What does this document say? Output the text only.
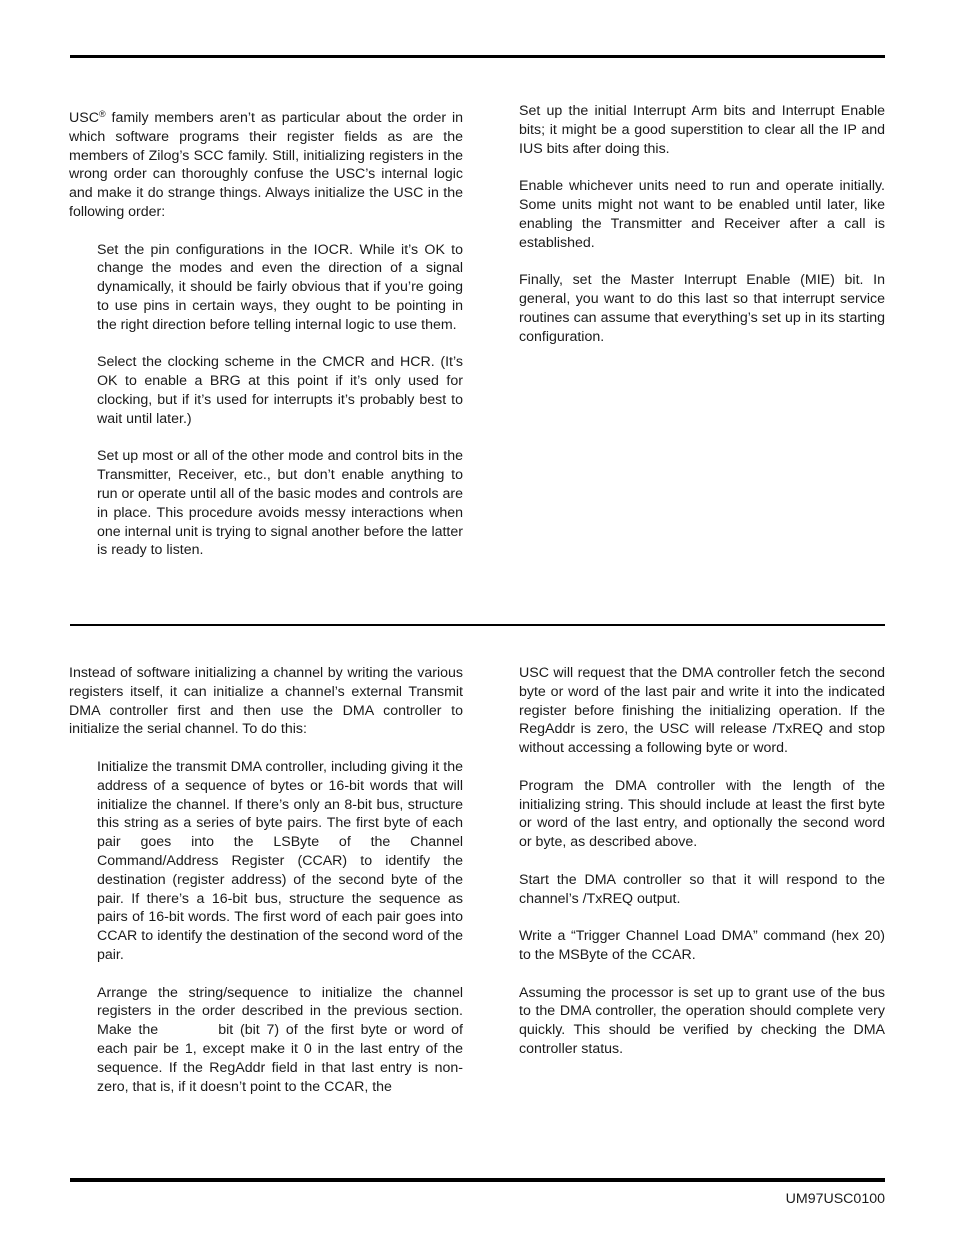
USC® family members aren’t as particular about the order in which software programs their register fields as are the members of Zilog’s SCC family. Still, initializing registers in the wrong order can thoroughly confuse the USC’s internal logic and make it do strange things. Always initialize the USC in the following order:

Set the pin configurations in the IOCR. While it’s OK to change the modes and even the direction of a signal dynamically, it should be fairly obvious that if you’re going to use pins in certain ways, they ought to be pointing in the right direction before telling internal logic to use them.

Select the clocking scheme in the CMCR and HCR. (It’s OK to enable a BRG at this point if it’s only used for clocking, but if it’s used for interrupts it’s probably best to wait until later.)

Set up most or all of the other mode and control bits in the Transmitter, Receiver, etc., but don’t enable anything to run or operate until all of the basic modes and controls are in place. This procedure avoids messy interactions when one internal unit is trying to signal another before the latter is ready to listen.

Set up the initial Interrupt Arm bits and Interrupt Enable bits; it might be a good superstition to clear all the IP and IUS bits after doing this.

Enable whichever units need to run and operate initially. Some units might not want to be enabled until later, like enabling the Transmitter and Receiver after a call is established.

Finally, set the Master Interrupt Enable (MIE) bit. In general, you want to do this last so that interrupt service routines can assume that everything’s set up in its starting configuration.

Instead of software initializing a channel by writing the various registers itself, it can initialize a channel’s external Transmit DMA controller first and then use the DMA controller to initialize the serial channel. To do this:

Initialize the transmit DMA controller, including giving it the address of a sequence of bytes or 16-bit words that will initialize the channel. If there’s only an 8-bit bus, structure this string as a series of byte pairs. The first byte of each pair goes into the LSByte of the Channel Command/Address Register (CCAR) to identify the destination (register address) of the second byte of the pair. If there’s a 16-bit bus, structure the sequence as pairs of 16-bit words. The first word of each pair goes into CCAR to identify the destination of the second word of the pair.

Arrange the string/sequence to initialize the channel registers in the order described in the previous section. Make the	bit (bit 7) of the first byte or word of each pair be 1, except make it 0 in the last entry of the sequence. If the RegAddr field in that last entry is non-zero, that is, if it doesn’t point to the CCAR, the

USC will request that the DMA controller fetch the second byte or word of the last pair and write it into the indicated register before finishing the initializing operation. If the RegAddr is zero, the USC will release /TxREQ and stop without accessing a following byte or word.

Program the DMA controller with the length of the initializing string. This should include at least the first byte or word of the last entry, and optionally the second word or byte, as described above.

Start the DMA controller so that it will respond to the channel’s /TxREQ output.

Write a “Trigger Channel Load DMA” command (hex 20) to the MSByte of the CCAR.

Assuming the processor is set up to grant use of the bus to the DMA controller, the operation should complete very quickly. This should be verified by checking the DMA controller status.

UM97USC0100
